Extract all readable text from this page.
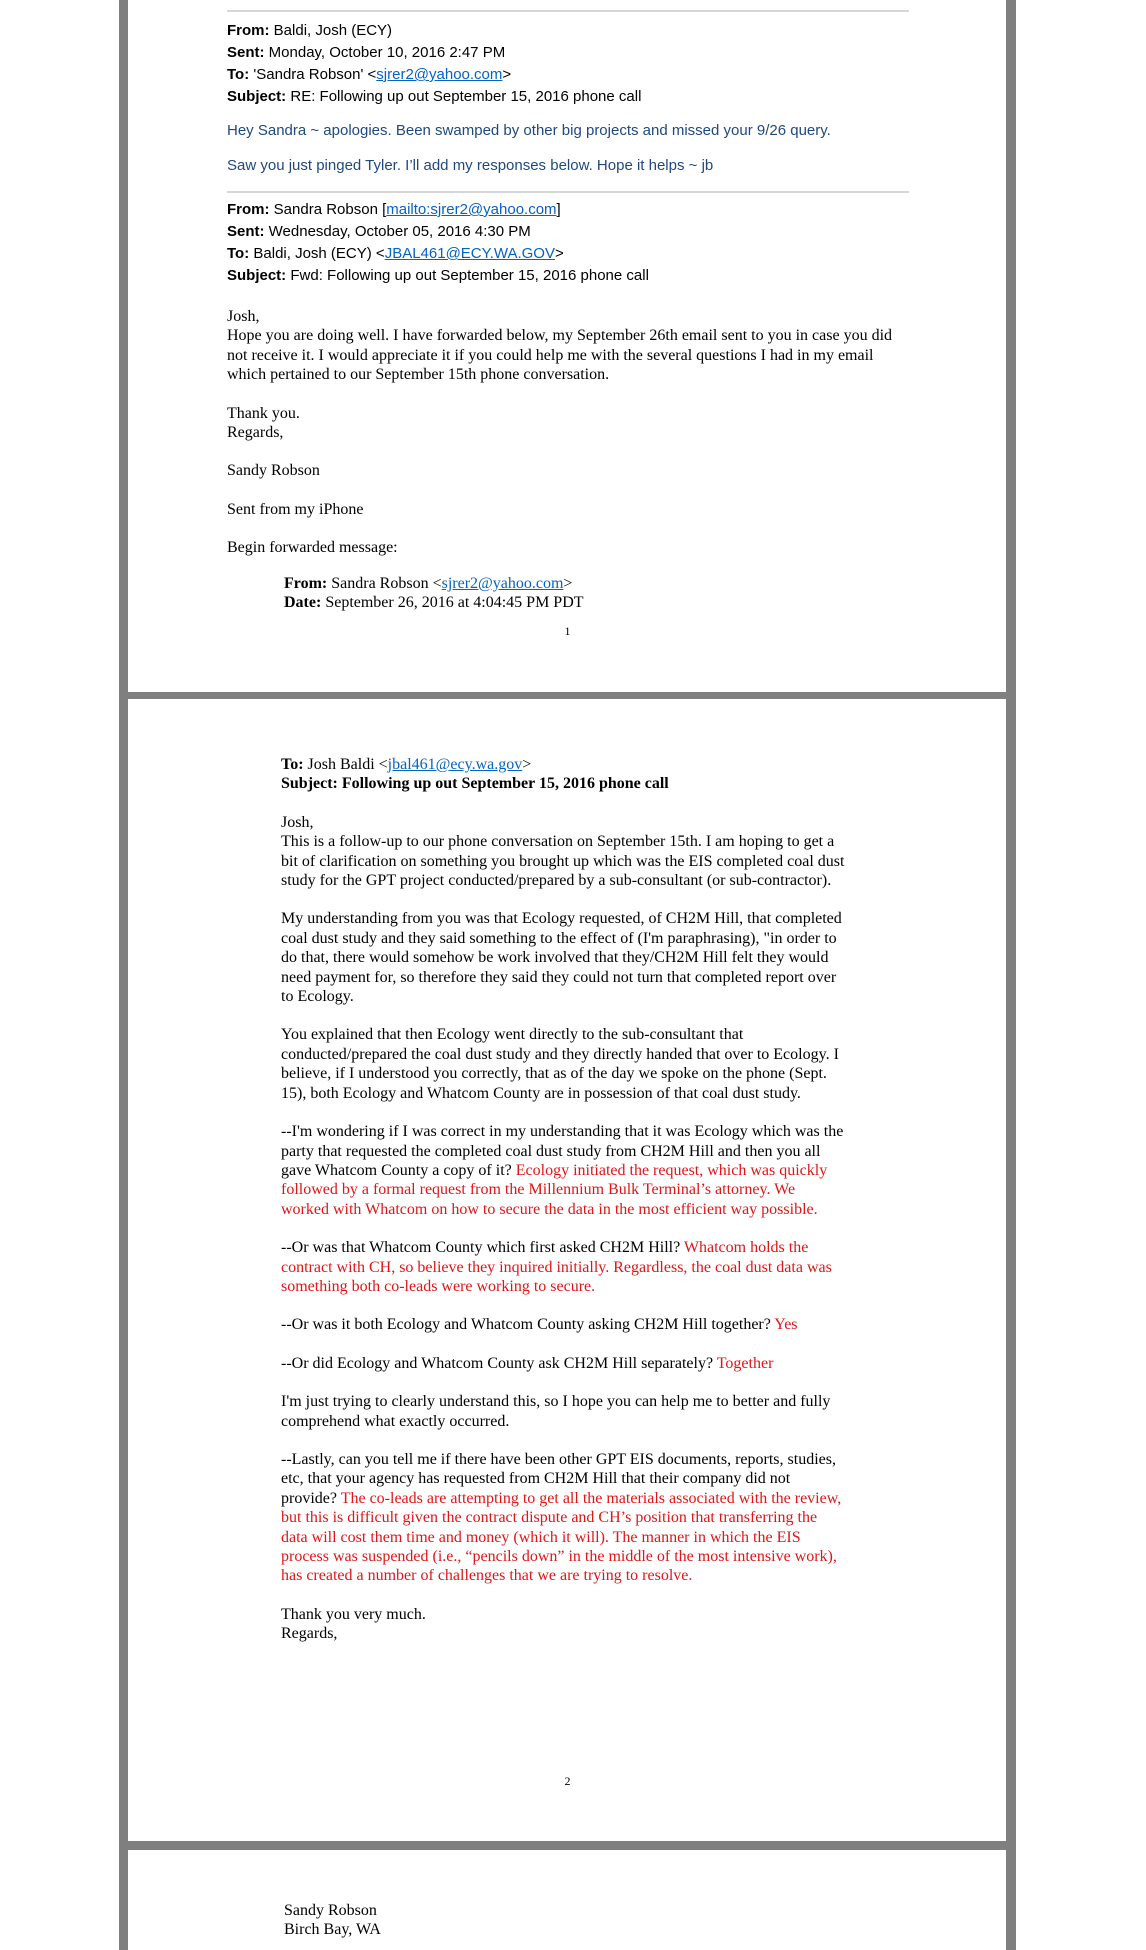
From: Baldi, Josh (ECY)
Sent: Monday, October 10, 2016 2:47 PM
To: 'Sandra Robson' <sjrer2@yahoo.com>
Subject: RE: Following up out September 15, 2016 phone call
Hey Sandra ~ apologies. Been swamped by other big projects and missed your 9/26 query.
Saw you just pinged Tyler. I’ll add my responses below. Hope it helps ~ jb
From: Sandra Robson [mailto:sjrer2@yahoo.com]
Sent: Wednesday, October 05, 2016 4:30 PM
To: Baldi, Josh (ECY) <JBAL461@ECY.WA.GOV>
Subject: Fwd: Following up out September 15, 2016 phone call
Josh,
Hope you are doing well. I have forwarded below, my September 26th email sent to you in case you did not receive it. I would appreciate it if you could help me with the several questions I had in my email which pertained to our September 15th phone conversation.
Thank you.
Regards,
Sandy Robson
Sent from my iPhone
Begin forwarded message:
From: Sandra Robson <sjrer2@yahoo.com>
Date: September 26, 2016 at 4:04:45 PM PDT
1
To: Josh Baldi <jbal461@ecy.wa.gov>
Subject: Following up out September 15, 2016 phone call

Josh,
This is a follow-up to our phone conversation on September 15th. I am hoping to get a bit of clarification on something you brought up which was the EIS completed coal dust study for the GPT project conducted/prepared by a sub-consultant (or sub-contractor).

My understanding from you was that Ecology requested, of CH2M Hill, that completed coal dust study and they said something to the effect of (I'm paraphrasing), "in order to do that, there would somehow be work involved that they/CH2M Hill felt they would need payment for, so therefore they said they could not turn that completed report over to Ecology.

You explained that then Ecology went directly to the sub-consultant that conducted/prepared the coal dust study and they directly handed that over to Ecology. I believe, if I understood you correctly, that as of the day we spoke on the phone (Sept. 15), both Ecology and Whatcom County are in possession of that coal dust study.

--I'm wondering if I was correct in my understanding that it was Ecology which was the party that requested the completed coal dust study from CH2M Hill and then you all gave Whatcom County a copy of it? Ecology initiated the request, which was quickly followed by a formal request from the Millennium Bulk Terminal’s attorney. We worked with Whatcom on how to secure the data in the most efficient way possible.

--Or was that Whatcom County which first asked CH2M Hill? Whatcom holds the contract with CH, so believe they inquired initially. Regardless, the coal dust data was something both co-leads were working to secure.

--Or was it both Ecology and Whatcom County asking CH2M Hill together? Yes

--Or did Ecology and Whatcom County ask CH2M Hill separately? Together

I'm just trying to clearly understand this, so I hope you can help me to better and fully comprehend what exactly occurred.

--Lastly, can you tell me if there have been other GPT EIS documents, reports, studies, etc, that your agency has requested from CH2M Hill that their company did not provide? The co-leads are attempting to get all the materials associated with the review, but this is difficult given the contract dispute and CH’s position that transferring the data will cost them time and money (which it will). The manner in which the EIS process was suspended (i.e., “pencils down” in the middle of the most intensive work), has created a number of challenges that we are trying to resolve.

Thank you very much.
Regards,

2
Sandy Robson
Birch Bay, WA
